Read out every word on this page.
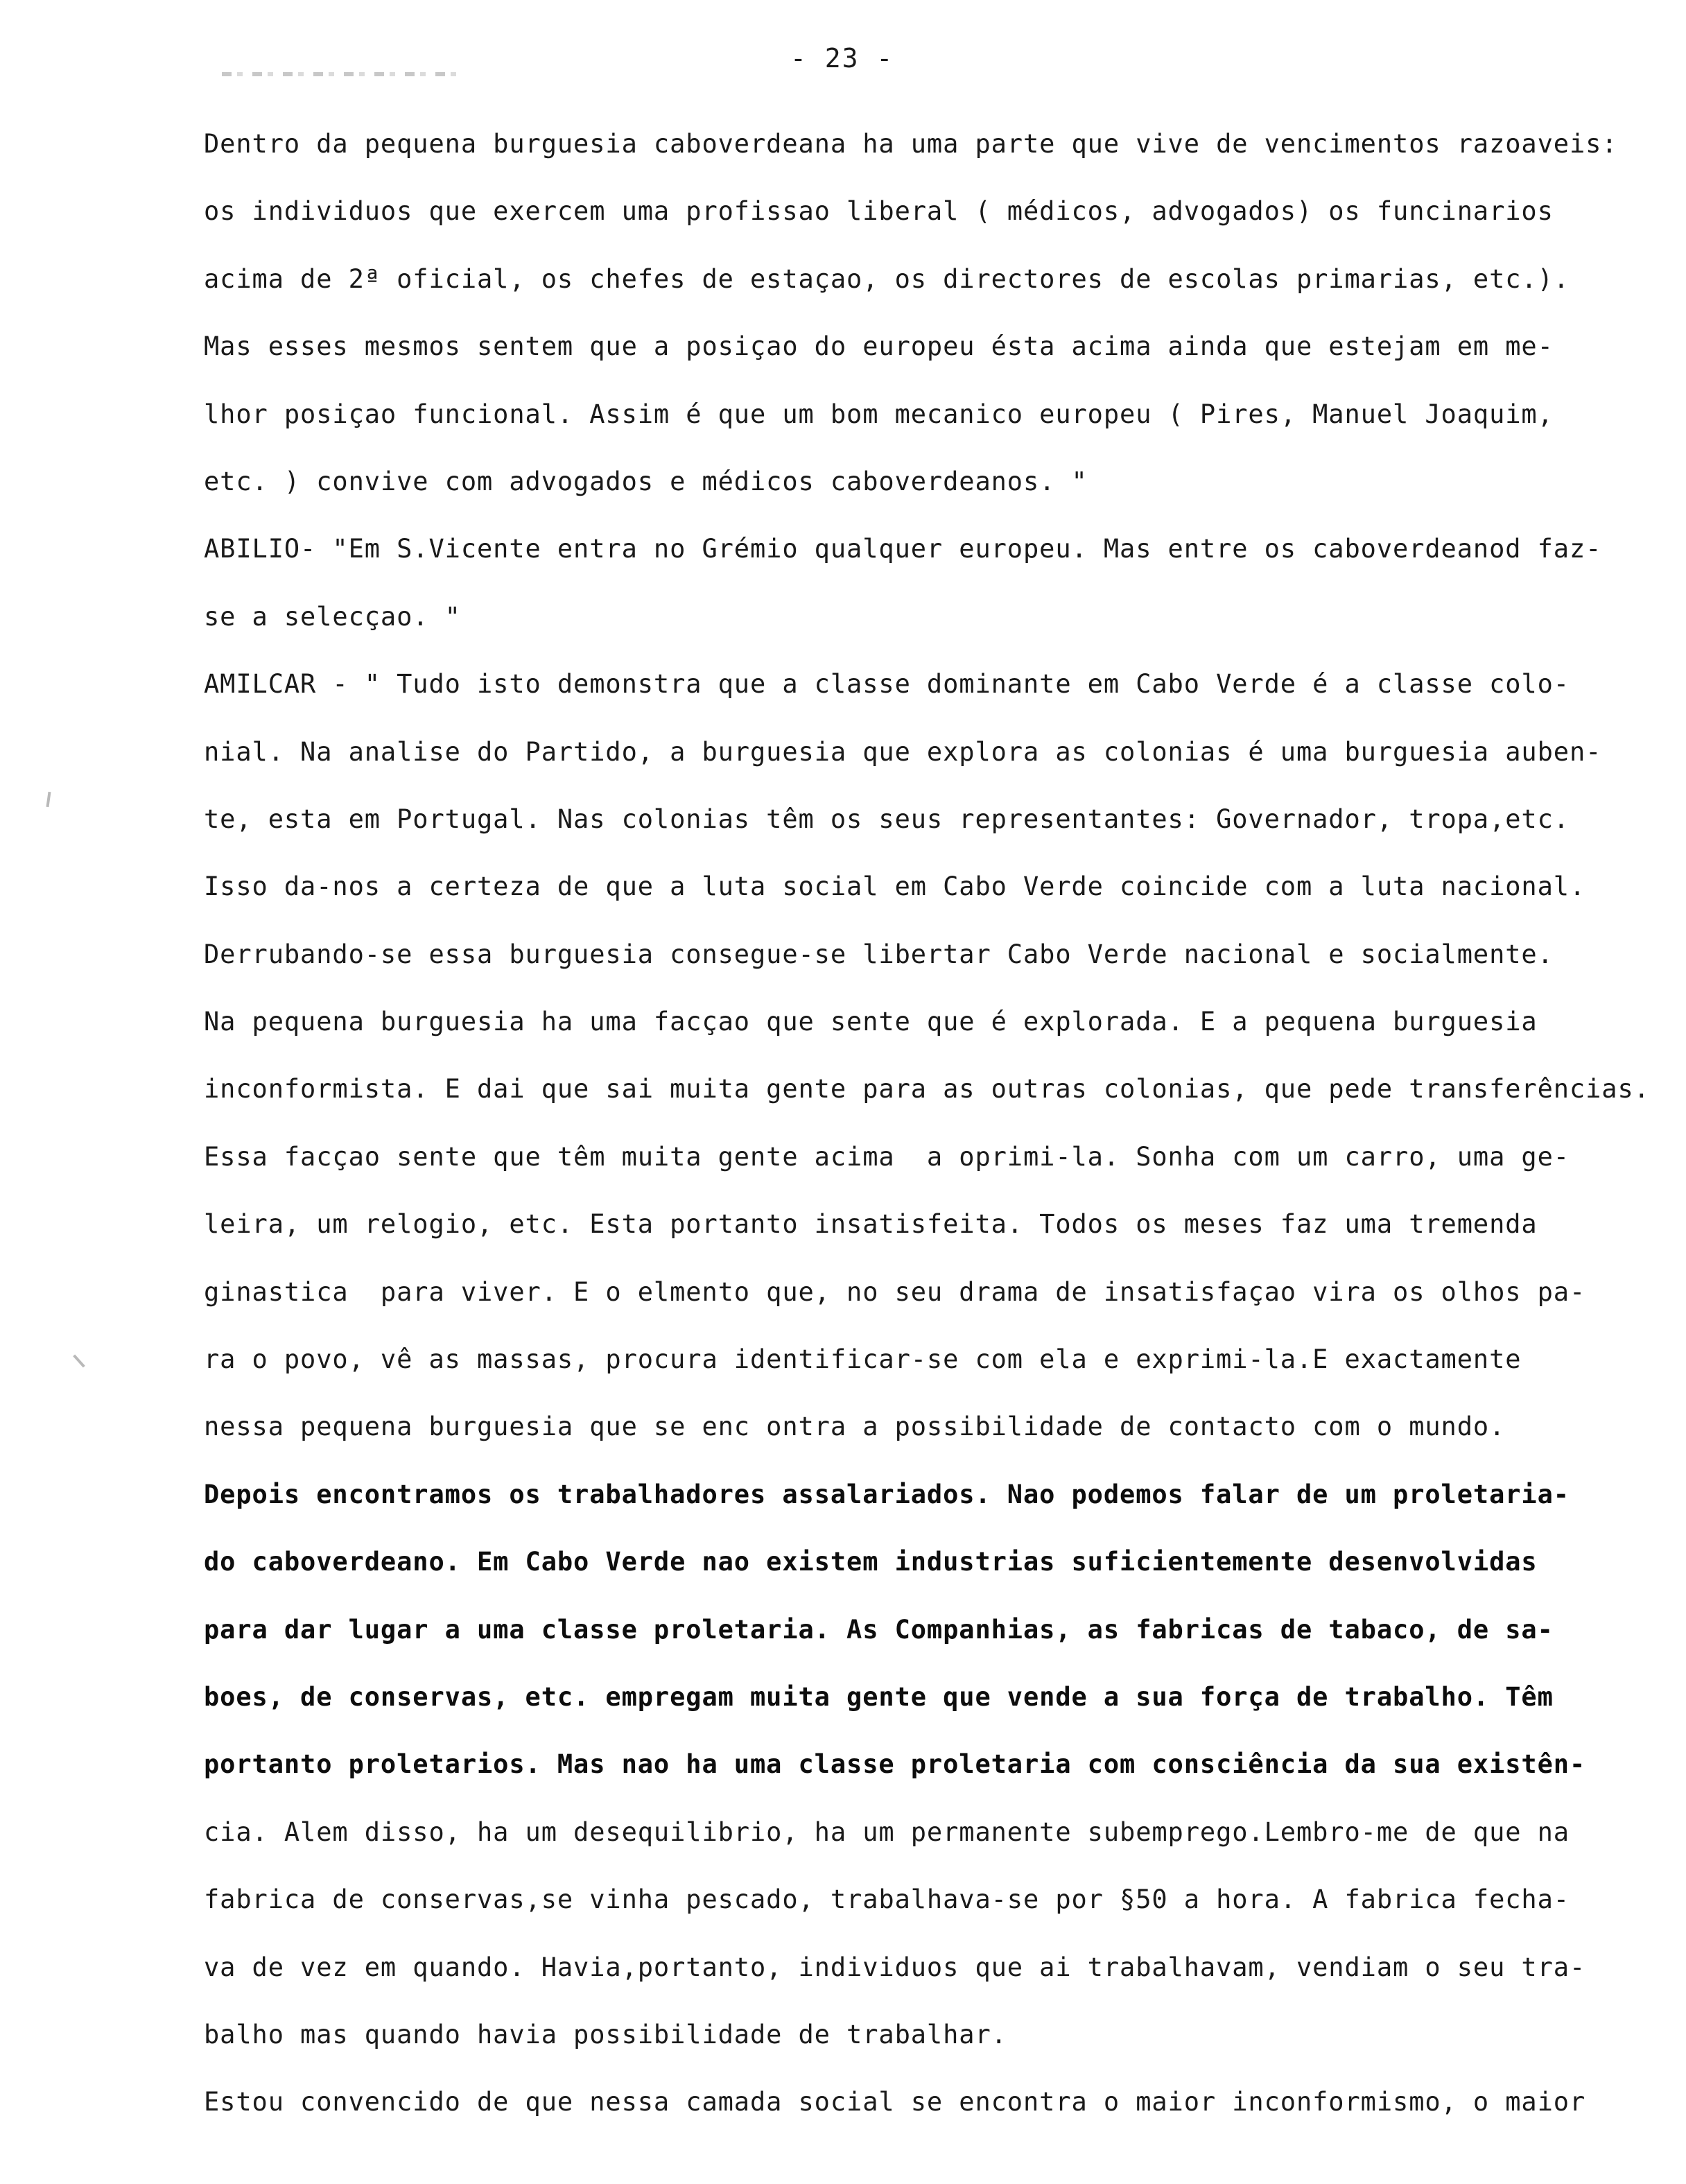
- 23 -
Dentro da pequena burguesia caboverdeana ha uma parte que vive de vencimentos razoaveis:
os individuos que exercem uma profissao liberal ( médicos, advogados) os funcinarios
acima de 2ª oficial, os chefes de estaçao, os directores de escolas primarias, etc.).
Mas esses mesmos sentem que a posiçao do europeu ésta acima ainda que estejam em me-
lhor posiçao funcional. Assim é que um bom mecanico europeu ( Pires, Manuel Joaquim,
etc. ) convive com advogados e médicos caboverdeanos. "
ABILIO- "Em S.Vicente entra no Grémio qualquer europeu. Mas entre os caboverdeanod faz-
se a selecçao. "
AMILCAR - " Tudo isto demonstra que a classe dominante em Cabo Verde é a classe colo-
nial. Na analise do Partido, a burguesia que explora as colonias é uma burguesia auben-
te, esta em Portugal. Nas colonias têm os seus representantes: Governador, tropa,etc.
Isso da-nos a certeza de que a luta social em Cabo Verde coincide com a luta nacional.
Derrubando-se essa burguesia consegue-se libertar Cabo Verde nacional e socialmente.
Na pequena burguesia ha uma facçao que sente que é explorada. E a pequena burguesia
inconformista. E dai que sai muita gente para as outras colonias, que pede transferências.
Essa facçao sente que têm muita gente acima  a oprimi-la. Sonha com um carro, uma ge-
leira, um relogio, etc. Esta portanto insatisfeita. Todos os meses faz uma tremenda
ginastica  para viver. E o elmento que, no seu drama de insatisfaçao vira os olhos pa-
ra o povo, vê as massas, procura identificar-se com ela e exprimi-la.E exactamente
nessa pequena burguesia que se enc ontra a possibilidade de contacto com o mundo.
Depois encontramos os trabalhadores assalariados. Nao podemos falar de um proletaria-
do caboverdeano. Em Cabo Verde nao existem industrias suficientemente desenvolvidas
para dar lugar a uma classe proletaria. As Companhias, as fabricas de tabaco, de sa-
boes, de conservas, etc. empregam muita gente que vende a sua força de trabalho. Têm
portanto proletarios. Mas nao ha uma classe proletaria com consciência da sua existên-
cia. Alem disso, ha um desequilibrio, ha um permanente subemprego.Lembro-me de que na
fabrica de conservas,se vinha pescado, trabalhava-se por §50 a hora. A fabrica fecha-
va de vez em quando. Havia,portanto, individuos que ai trabalhavam, vendiam o seu tra-
balho mas quando havia possibilidade de trabalhar.
Estou convencido de que nessa camada social se encontra o maior inconformismo, o maior
